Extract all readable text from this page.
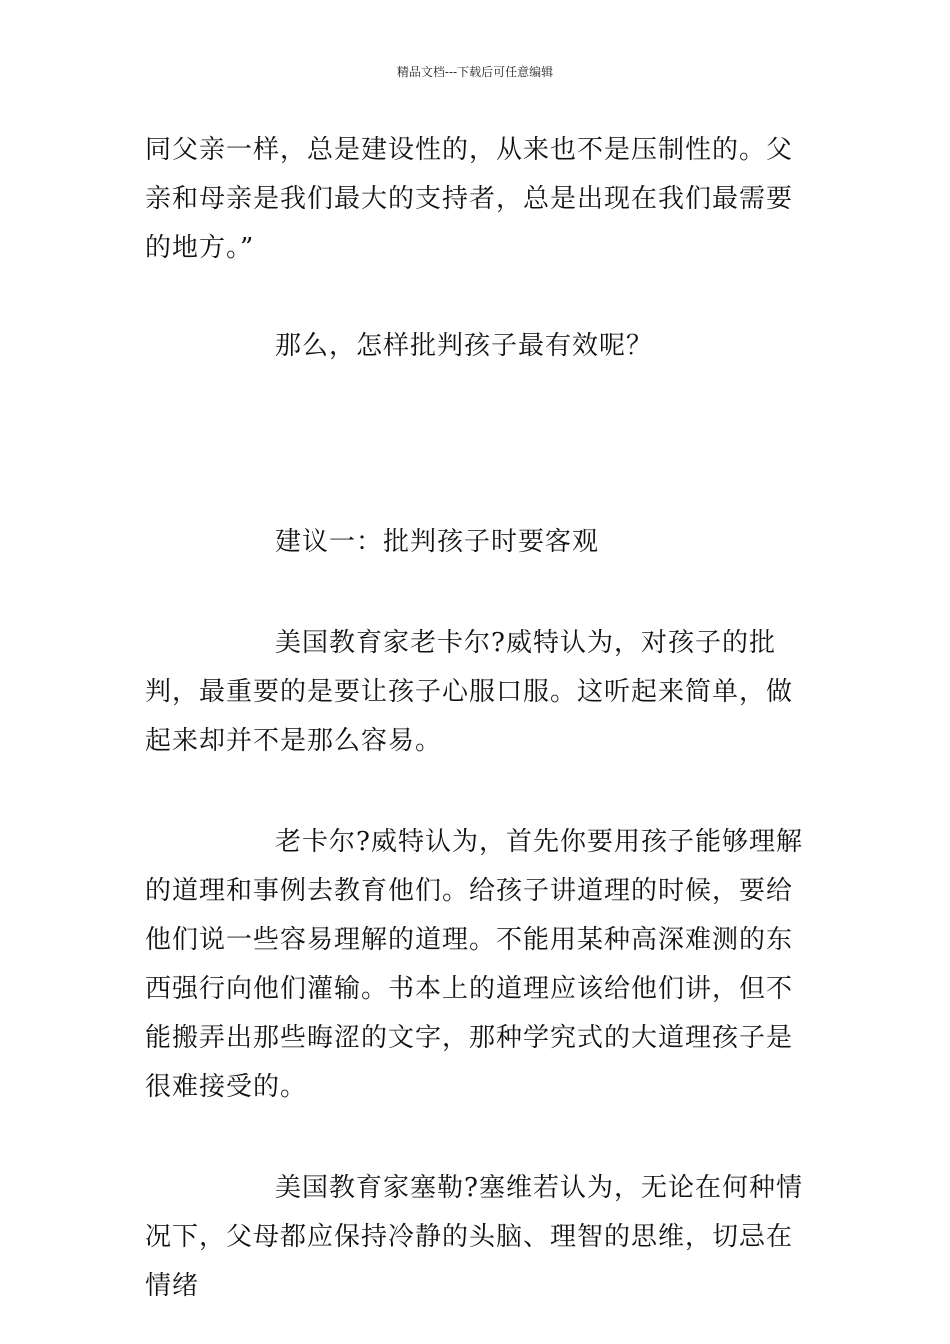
精品文档---下载后可任意编辑

同父亲一样，总是建设性的，从来也不是压制性的。父亲和母亲是我们最大的支持者，总是出现在我们最需要的地方。”

那么，怎样批判孩子最有效呢？

建议一：批判孩子时要客观

美国教育家老卡尔?威特认为，对孩子的批判，最重要的是要让孩子心服口服。这听起来简单，做起来却并不是那么容易。

老卡尔?威特认为，首先你要用孩子能够理解的道理和事例去教育他们。给孩子讲道理的时候，要给他们说一些容易理解的道理。不能用某种高深难测的东西强行向他们灌输。书本上的道理应该给他们讲，但不能搬弄出那些晦涩的文字，那种学究式的大道理孩子是很难接受的。

美国教育家塞勒?塞维若认为，无论在何种情况下，父母都应保持冷静的头脑、理智的思维，切忌在情绪
